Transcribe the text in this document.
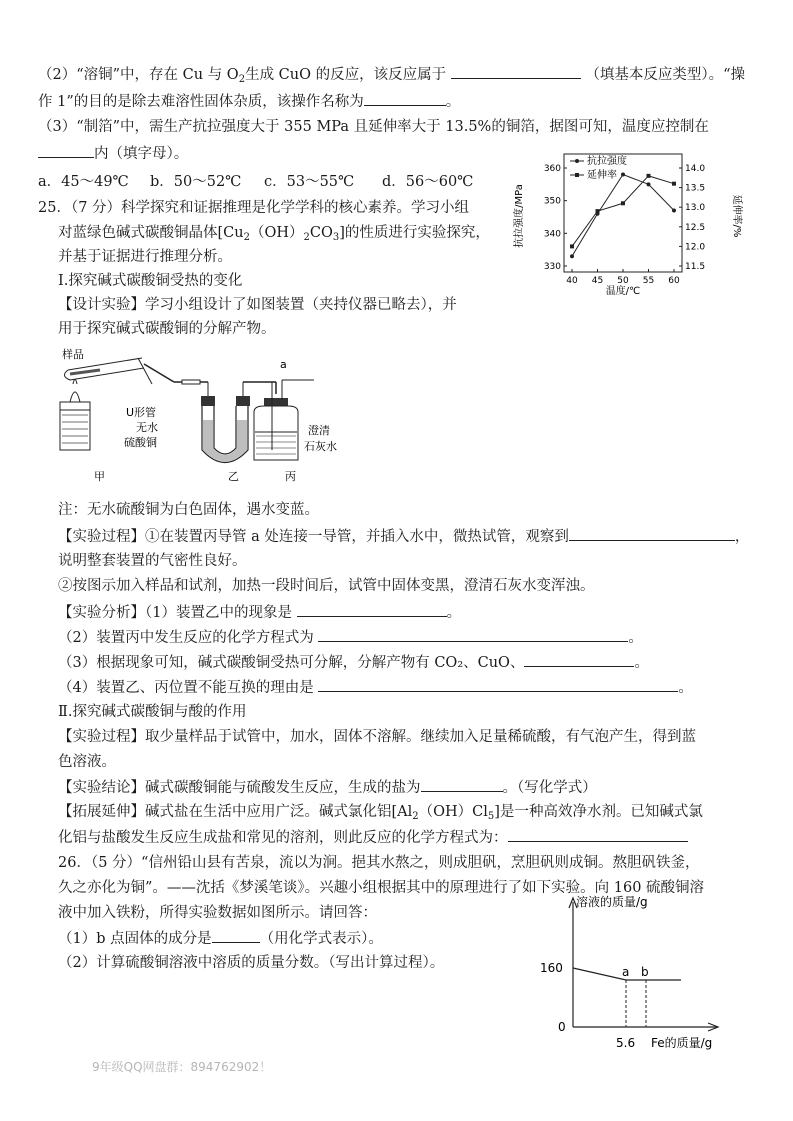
（2）“溶铜”中，存在 Cu 与 $O_2$生成 CuO 的反应，该反应属于	（填基本反应类型）。“操
作 1”的目的是除去难溶性固体杂质，该操作名称为	。
（3）“制箔”中，需生产抗拉强度大于 355 MPa 且延伸率大于 13.5%的铜箔，据图可知，温度应控制在
内（填字母）。
a．45～49℃ b．50～52℃ c．53～55℃ d．56～60℃
抗拉强度/MPa	延伸率/%
温度/℃
抗拉强度
延伸率
40 45 50 55 60
330
340
350
360
11.5
12.0
12.5
13.0
13.5
14.0
25．（7 分）科学探究和证据推理是化学学科的核心素养。学习小组
对蓝绿色碱式碳酸铜晶体$[Cu_2(OH)_2CO_3]$的性质进行实验探究，
并基于证据进行推理分析。
Ⅰ.探究碱式碳酸铜受热的变化
【设计实验】学习小组设计了如图装置（夹持仪器已略去），并
用于探究碱式碳酸铜的分解产物。
样品
U形管
无水
硫酸铜
a
澄清
石灰水
甲	乙	丙
注：无水硫酸铜为白色固体，遇水变蓝。
【实验过程】①在装置丙导管 a 处连接一导管，并插入水中，微热试管，观察到	，
说明整套装置的气密性良好。
②按图示加入样品和试剂，加热一段时间后，试管中固体变黑，澄清石灰水变浑浊。
【实验分析】（1）装置乙中的现象是	。
（2）装置丙中发生反应的化学方程式为	。
（3）根据现象可知，碱式碳酸铜受热可分解，分解产物有 CO₂、CuO、	。
（4）装置乙、丙位置不能互换的理由是	。
Ⅱ.探究碱式碳酸铜与酸的作用
【实验过程】取少量样品于试管中，加水，固体不溶解。继续加入足量稀硫酸，有气泡产生，得到蓝
色溶液。
【实验结论】碱式碳酸铜能与硫酸发生反应，生成的盐为	。（写化学式）
【拓展延伸】碱式盐在生活中应用广泛。碱式氯化铝$[Al_2(OH)Cl_5]$是一种高效净水剂。已知碱式氯
化铝与盐酸发生反应生成盐和常见的溶剂，则此反应的化学方程式为：
26．（5 分）“信州铅山县有苦泉，流以为涧。挹其水熬之，则成胆矾，烹胆矾则成铜。熬胆矾铁釜，
久之亦化为铜”。——沈括《梦溪笔谈》。兴趣小组根据其中的原理进行了如下实验。向 160 硫酸铜溶
液中加入铁粉，所得实验数据如图所示。请回答：
（1）b 点固体的成分是	（用化学式表示）。
（2）计算硫酸铜溶液中溶质的质量分数。（写出计算过程）。
溶液的质量/g
160
0
a b
5.6 Fe的质量/g
9年级QQ网盘群：894762902！
